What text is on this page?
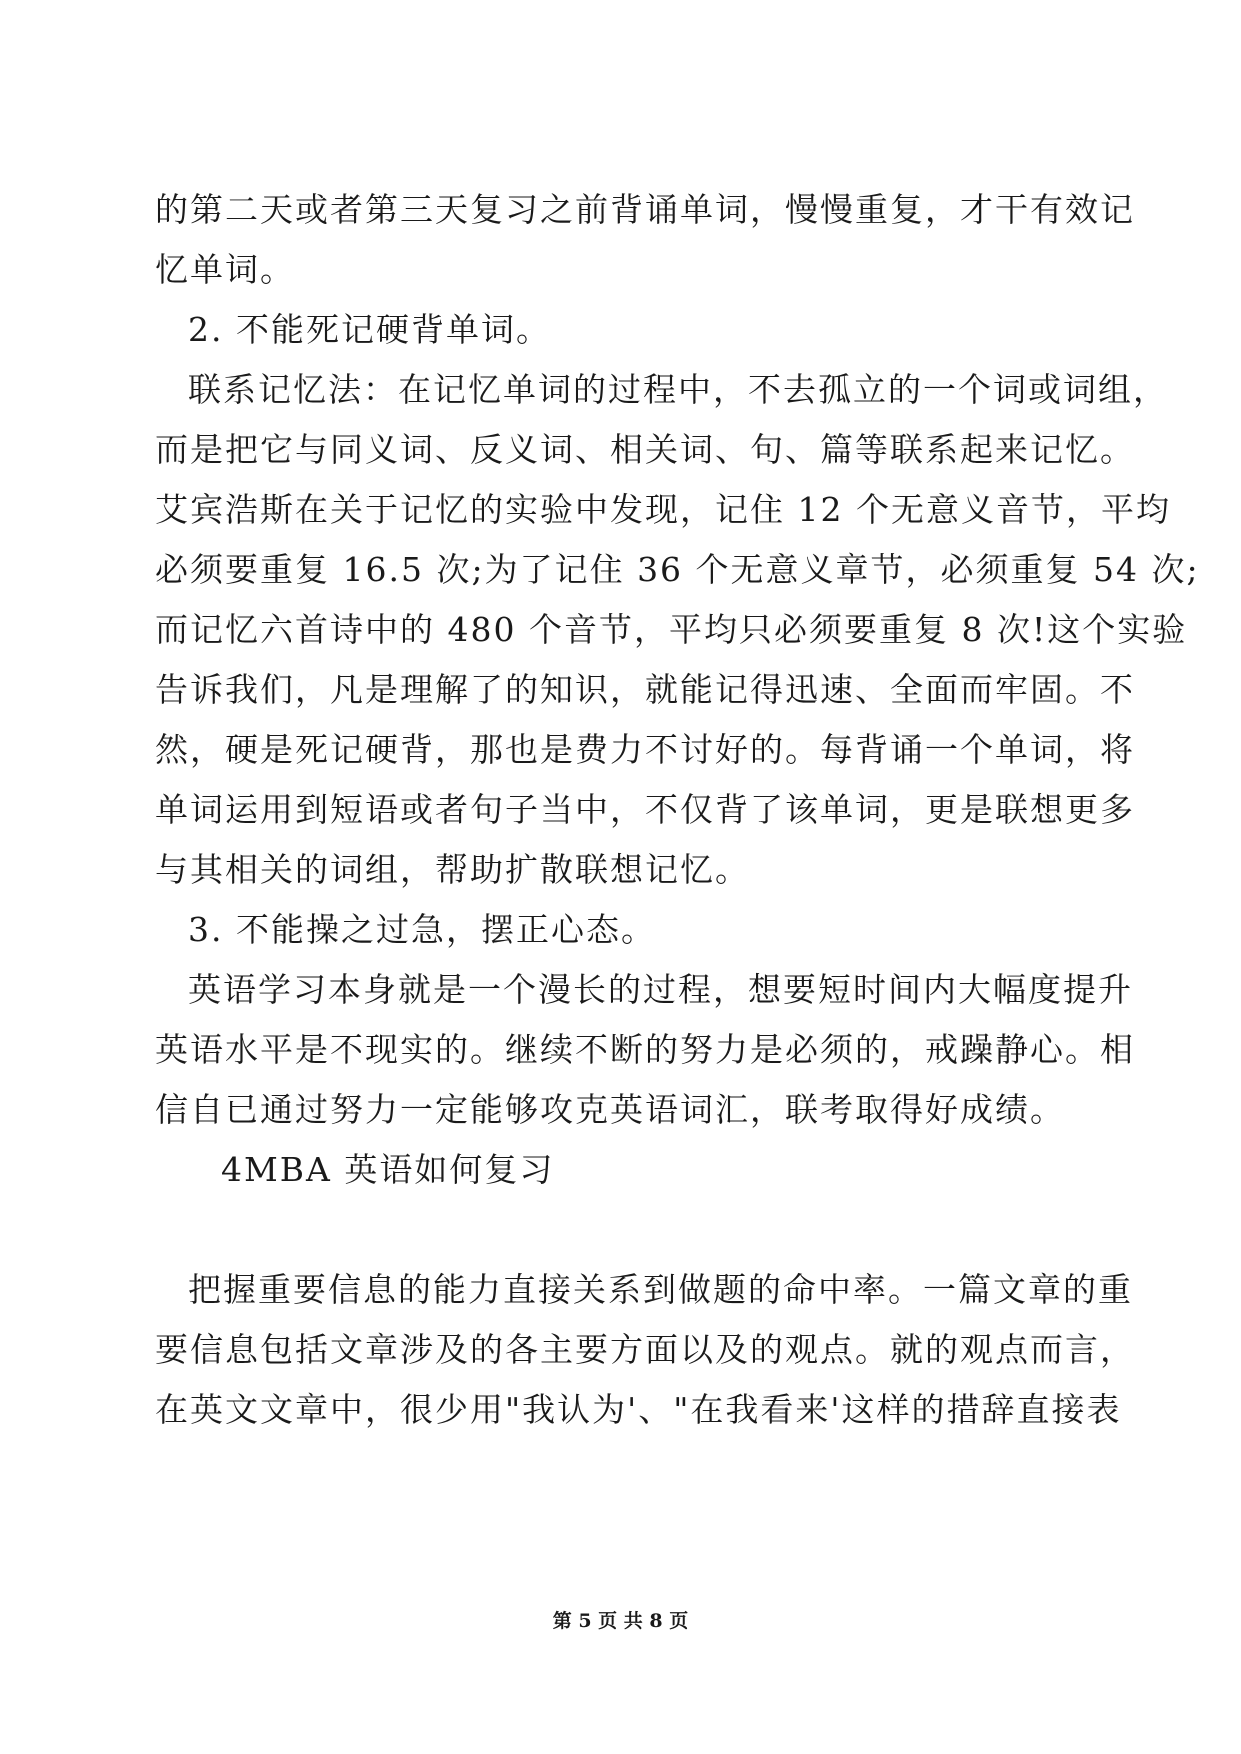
的第二天或者第三天复习之前背诵单词，慢慢重复，才干有效记
忆单词。
2. 不能死记硬背单词。
联系记忆法：在记忆单词的过程中，不去孤立的一个词或词组，
而是把它与同义词、反义词、相关词、句、篇等联系起来记忆。
艾宾浩斯在关于记忆的实验中发现，记住 12 个无意义音节，平均
必须要重复 16.5 次;为了记住 36 个无意义章节，必须重复 54 次;
而记忆六首诗中的 480 个音节，平均只必须要重复 8 次!这个实验
告诉我们，凡是理解了的知识，就能记得迅速、全面而牢固。不
然，硬是死记硬背，那也是费力不讨好的。每背诵一个单词，将
单词运用到短语或者句子当中，不仅背了该单词，更是联想更多
与其相关的词组，帮助扩散联想记忆。
3. 不能操之过急，摆正心态。
英语学习本身就是一个漫长的过程，想要短时间内大幅度提升
英语水平是不现实的。继续不断的努力是必须的，戒躁静心。相
信自已通过努力一定能够攻克英语词汇，联考取得好成绩。
4MBA 英语如何复习
把握重要信息的能力直接关系到做题的命中率。一篇文章的重
要信息包括文章涉及的各主要方面以及的观点。就的观点而言，
在英文文章中，很少用"我认为'、"在我看来'这样的措辞直接表
第 5 页 共 8 页
